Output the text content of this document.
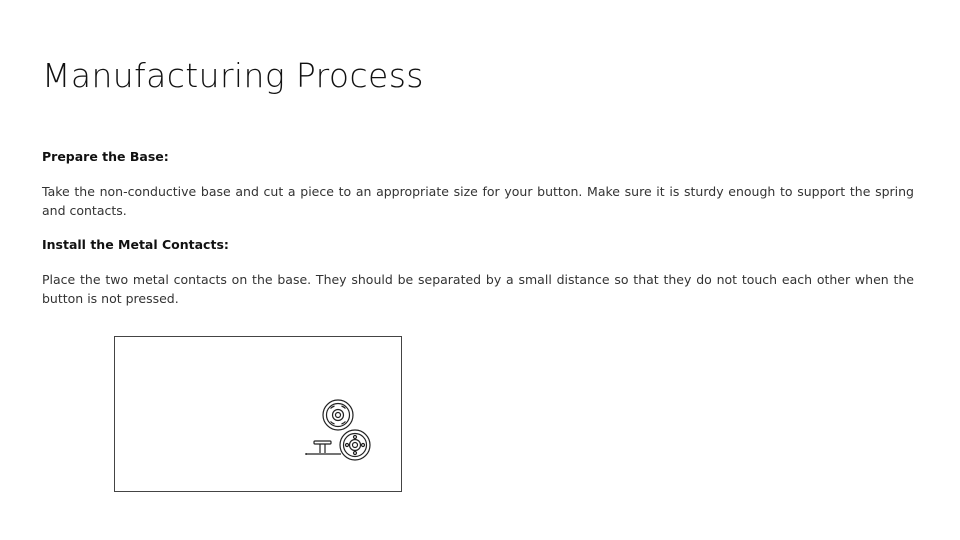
Manufacturing Process

Prepare the Base:

Take the non-conductive base and cut a piece to an appropriate size for your button. Make sure it is sturdy enough to support the spring and contacts.

Install the Metal Contacts:

Place the two metal contacts on the base. They should be separated by a small distance so that they do not touch each other when the button is not pressed.
